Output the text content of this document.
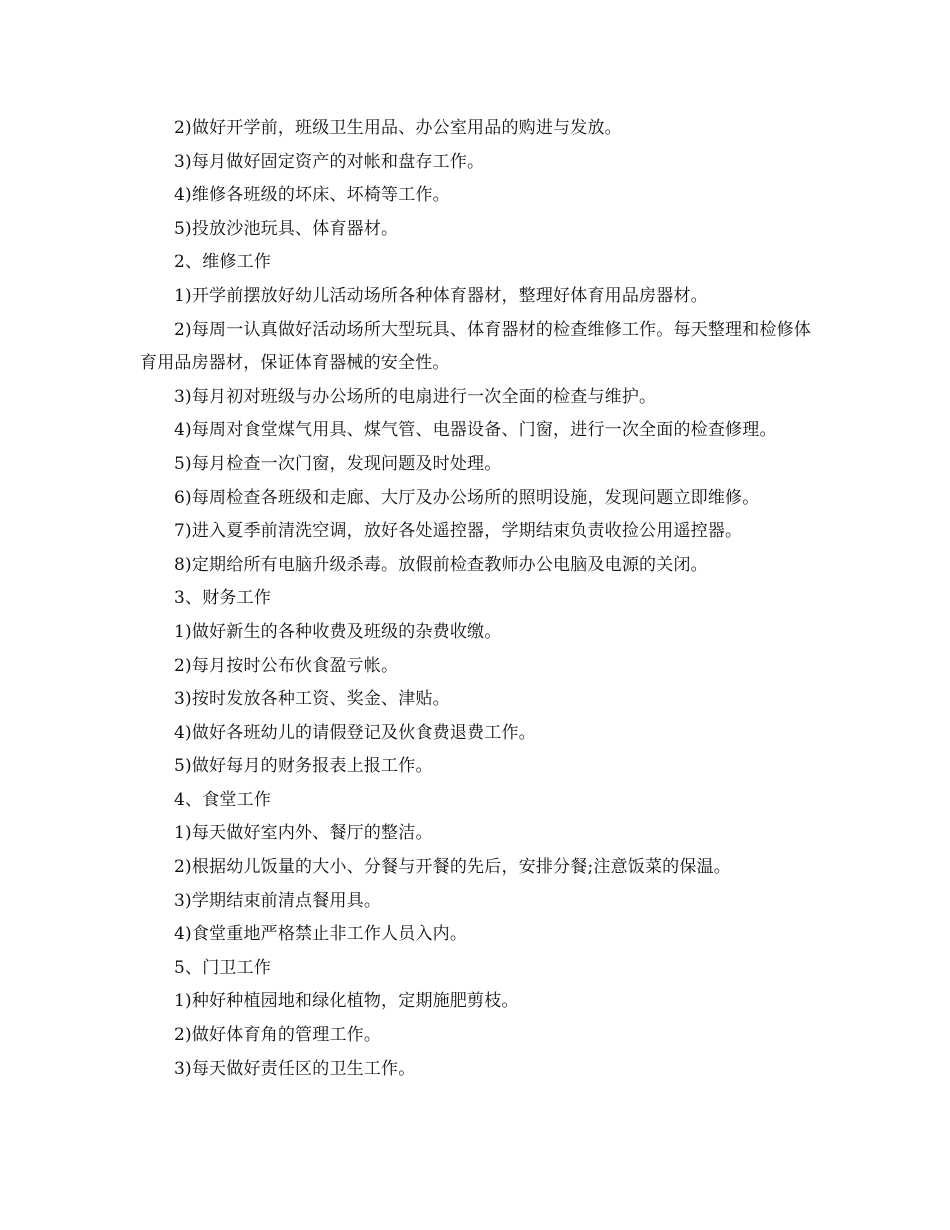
2)做好开学前，班级卫生用品、办公室用品的购进与发放。
3)每月做好固定资产的对帐和盘存工作。
4)维修各班级的坏床、坏椅等工作。
5)投放沙池玩具、体育器材。
2、维修工作
1)开学前摆放好幼儿活动场所各种体育器材，整理好体育用品房器材。
2)每周一认真做好活动场所大型玩具、体育器材的检查维修工作。每天整理和检修体育用品房器材，保证体育器械的安全性。
3)每月初对班级与办公场所的电扇进行一次全面的检查与维护。
4)每周对食堂煤气用具、煤气管、电器设备、门窗，进行一次全面的检查修理。
5)每月检查一次门窗，发现问题及时处理。
6)每周检查各班级和走廊、大厅及办公场所的照明设施，发现问题立即维修。
7)进入夏季前清洗空调，放好各处遥控器，学期结束负责收捡公用遥控器。
8)定期给所有电脑升级杀毒。放假前检查教师办公电脑及电源的关闭。
3、财务工作
1)做好新生的各种收费及班级的杂费收缴。
2)每月按时公布伙食盈亏帐。
3)按时发放各种工资、奖金、津贴。
4)做好各班幼儿的请假登记及伙食费退费工作。
5)做好每月的财务报表上报工作。
4、食堂工作
1)每天做好室内外、餐厅的整洁。
2)根据幼儿饭量的大小、分餐与开餐的先后，安排分餐;注意饭菜的保温。
3)学期结束前清点餐用具。
4)食堂重地严格禁止非工作人员入内。
5、门卫工作
1)种好种植园地和绿化植物，定期施肥剪枝。
2)做好体育角的管理工作。
3)每天做好责任区的卫生工作。
